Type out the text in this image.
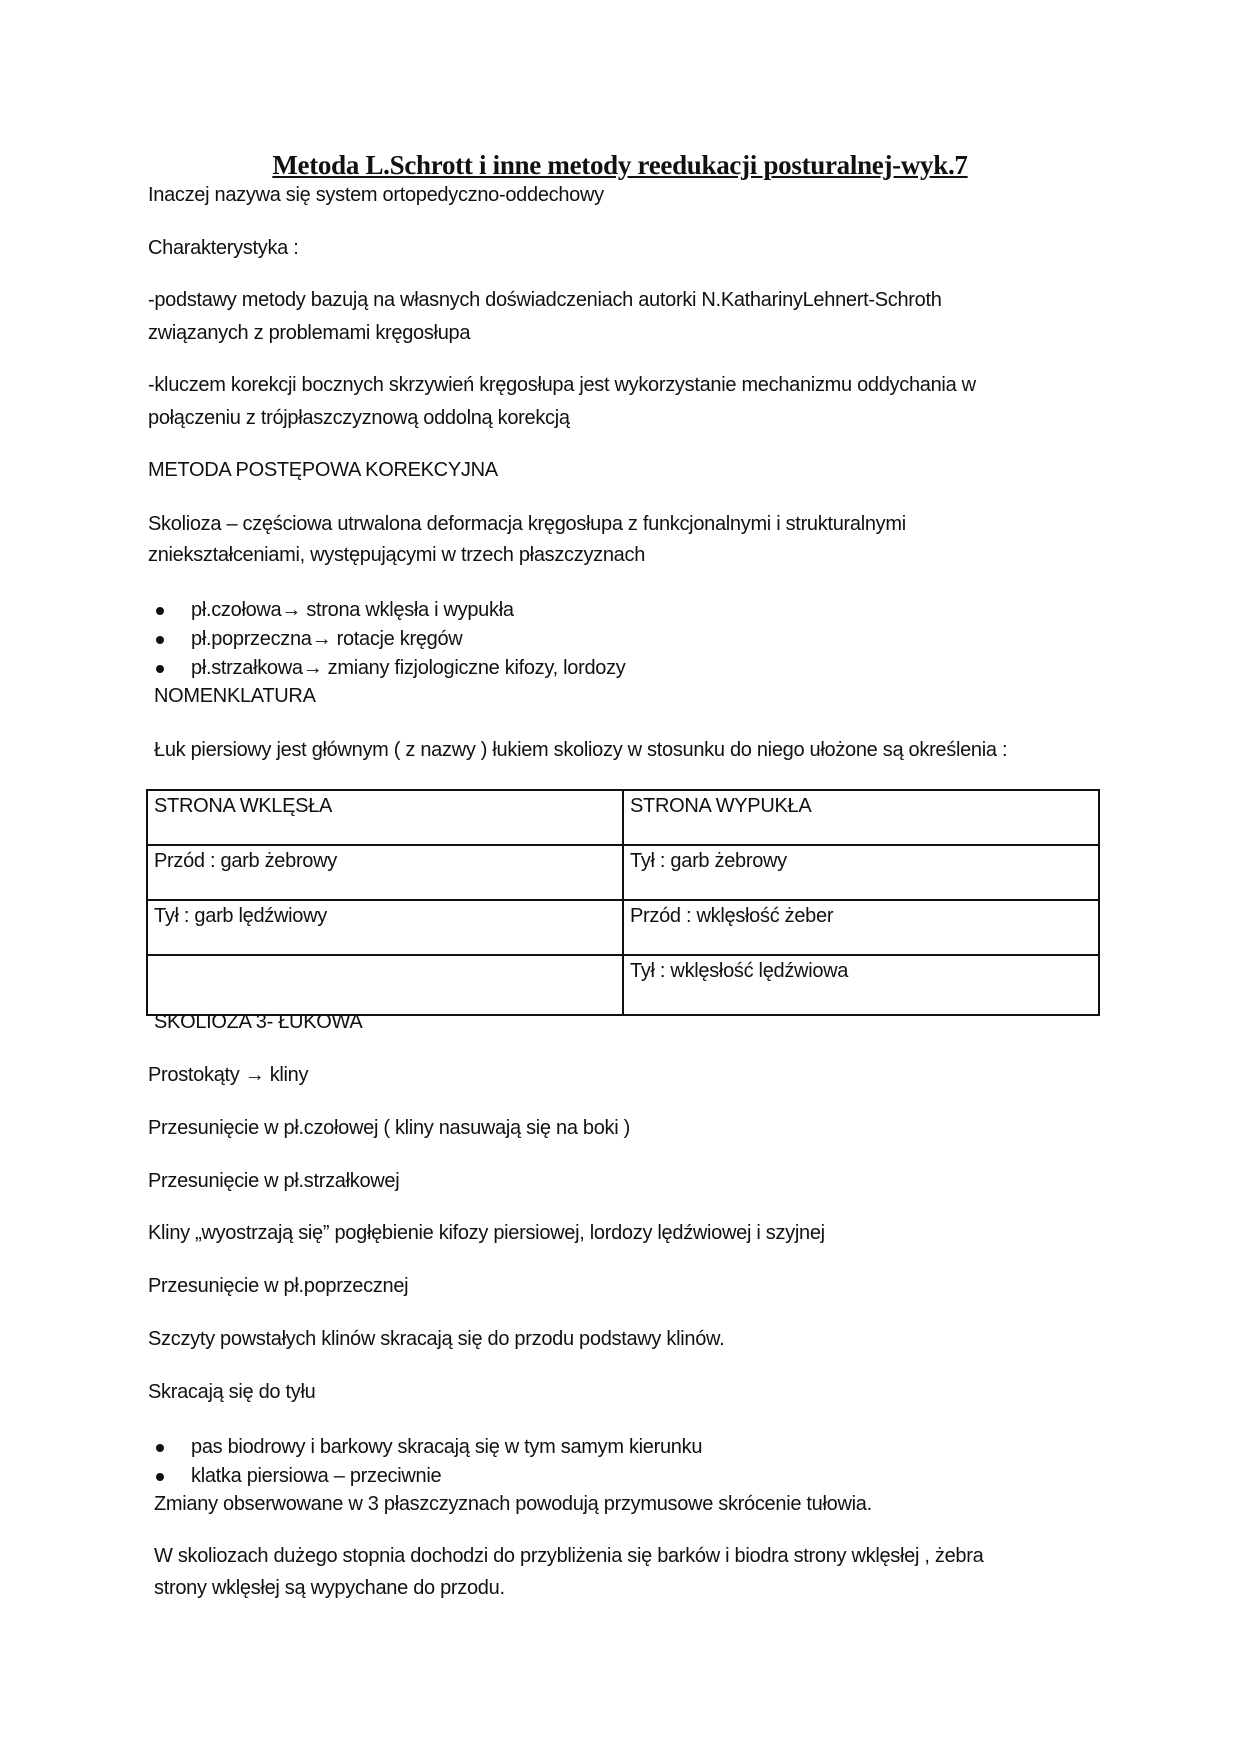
Metoda L.Schrott i inne metody reedukacji posturalnej-wyk.7
Inaczej nazywa się system ortopedyczno-oddechowy
Charakterystyka :
-podstawy metody bazują na własnych doświadczeniach autorki N.KatharinyLehnert-Schroth
związanych z problemami kręgosłupa
-kluczem korekcji bocznych skrzywień kręgosłupa jest wykorzystanie mechanizmu oddychania w
połączeniu z trójpłaszczyznową oddolną korekcją
METODA POSTĘPOWA KOREKCYJNA
Skolioza – częściowa utrwalona deformacja kręgosłupa z funkcjonalnymi i strukturalnymi
zniekształceniami, występującymi w trzech płaszczyznach
pł.czołowa→ strona wklęsła i wypukła
pł.poprzeczna→ rotacje kręgów
pł.strzałkowa→ zmiany fizjologiczne kifozy, lordozy
NOMENKLATURA
Łuk piersiowy jest głównym ( z nazwy ) łukiem skoliozy w stosunku do niego ułożone są określenia :
STRONA WKLĘSŁA	STRONA WYPUKŁA
Przód : garb żebrowy	Tył : garb żebrowy
Tył : garb lędźwiowy	Przód : wklęsłość żeber
	Tył : wklęsłość lędźwiowa
SKOLIOZA 3- ŁUKOWA
Prostokąty → kliny
Przesunięcie w pł.czołowej ( kliny nasuwają się na boki )
Przesunięcie w pł.strzałkowej
Kliny „wyostrzają się” pogłębienie kifozy piersiowej, lordozy lędźwiowej i szyjnej
Przesunięcie w pł.poprzecznej
Szczyty powstałych klinów skracają się do przodu podstawy klinów.
Skracają się do tyłu
pas biodrowy i barkowy skracają się w tym samym kierunku
klatka piersiowa – przeciwnie
Zmiany obserwowane w 3 płaszczyznach powodują przymusowe skrócenie tułowia.
W skoliozach dużego stopnia dochodzi do przybliżenia się barków i biodra strony wklęsłej , żebra
strony wklęsłej są wypychane do przodu.
